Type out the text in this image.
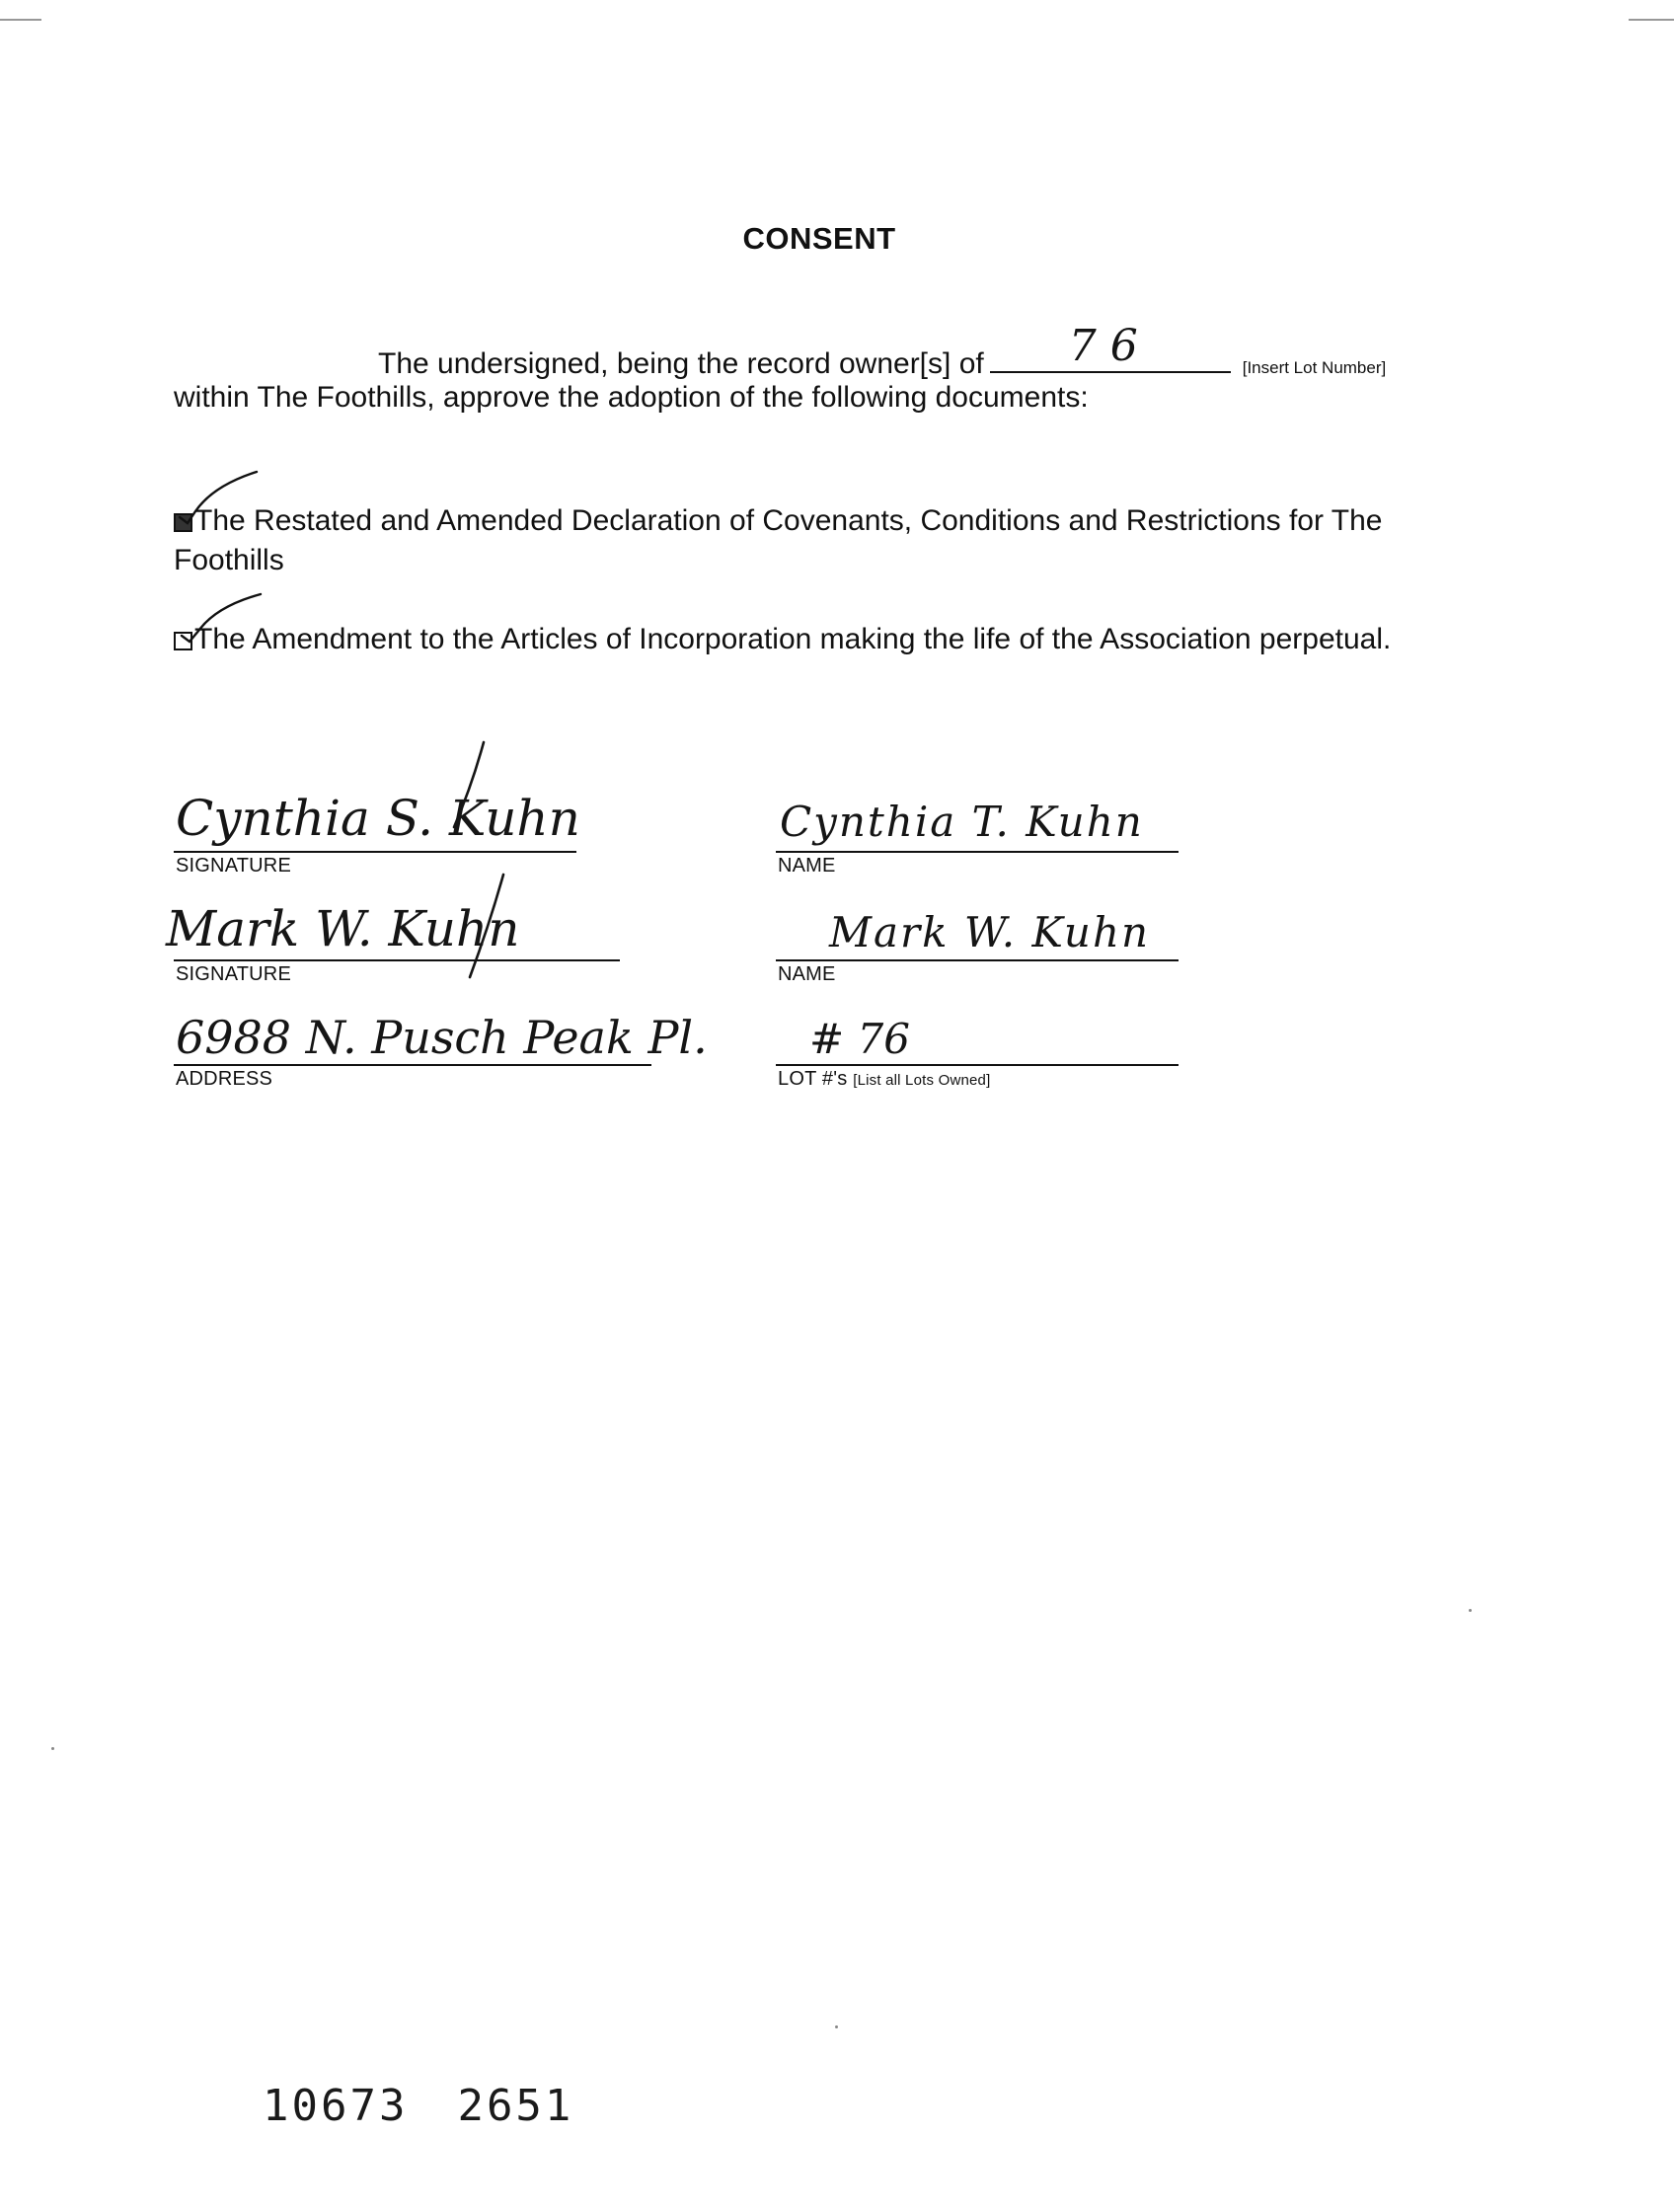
CONSENT
The undersigned, being the record owner[s] of	76	[Insert Lot Number]
within The Foothills, approve the adoption of the following documents:
The Restated and Amended Declaration of Covenants, Conditions and Restrictions for The Foothills
The Amendment to the Articles of Incorporation making the life of the Association perpetual.
Cynthia S. Kuhn
SIGNATURE
Cynthia T. Kuhn
NAME
Mark W. Kuhn
SIGNATURE
Mark W. Kuhn
NAME
6988 N. Pusch Peak Pl.
ADDRESS
# 76
LOT #'s [List all Lots Owned]
10673 2651
